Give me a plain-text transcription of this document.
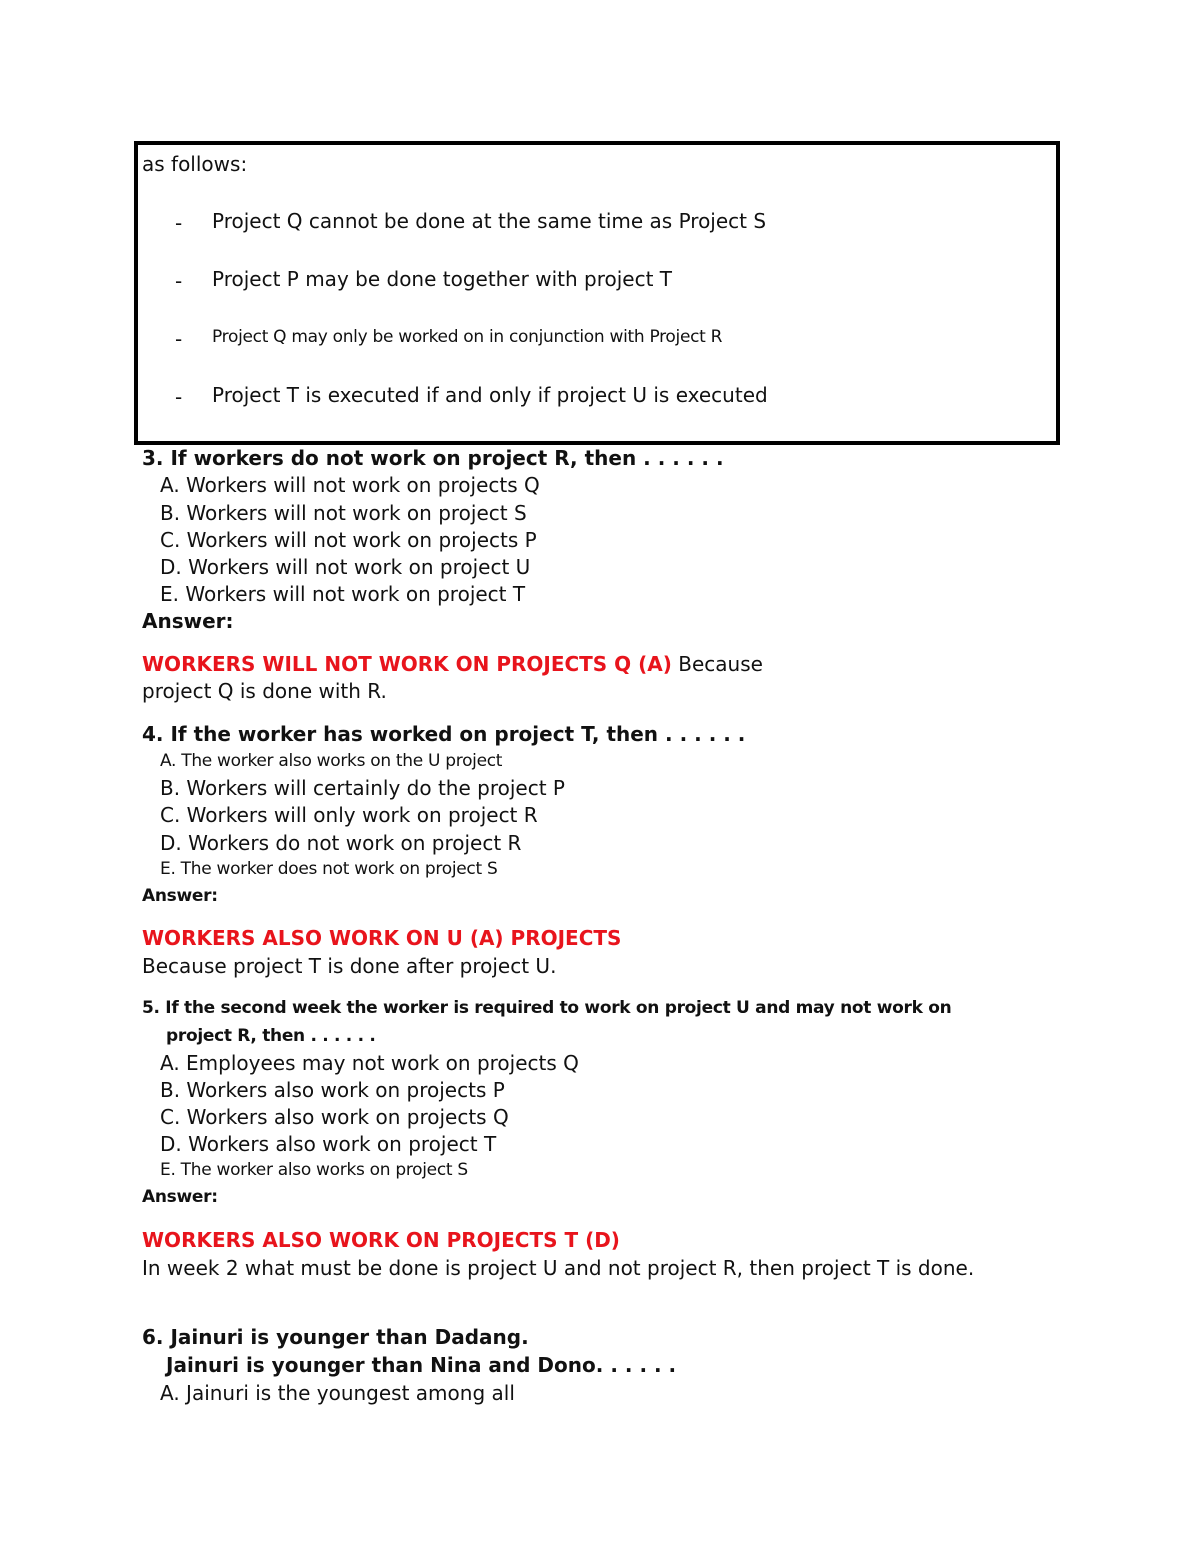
as follows:
- Project Q cannot be done at the same time as Project S
- Project P may be done together with project T
- Project Q may only be worked on in conjunction with Project R
- Project T is executed if and only if project U is executed
3. If workers do not work on project R, then . . . . . .
A. Workers will not work on projects Q
B. Workers will not work on project S
C. Workers will not work on projects P
D. Workers will not work on project U
E. Workers will not work on project T
Answer:
WORKERS WILL NOT WORK ON PROJECTS Q (A) Because
project Q is done with R.
4. If the worker has worked on project T, then . . . . . .
A. The worker also works on the U project
B. Workers will certainly do the project P
C. Workers will only work on project R
D. Workers do not work on project R
E. The worker does not work on project S
Answer:
WORKERS ALSO WORK ON U (A) PROJECTS
Because project T is done after project U.
5. If the second week the worker is required to work on project U and may not work on
project R, then . . . . . .
A. Employees may not work on projects Q
B. Workers also work on projects P
C. Workers also work on projects Q
D. Workers also work on project T
E. The worker also works on project S
Answer:
WORKERS ALSO WORK ON PROJECTS T (D)
In week 2 what must be done is project U and not project R, then project T is done.
6. Jainuri is younger than Dadang.
Jainuri is younger than Nina and Dono. . . . . .
A. Jainuri is the youngest among all
